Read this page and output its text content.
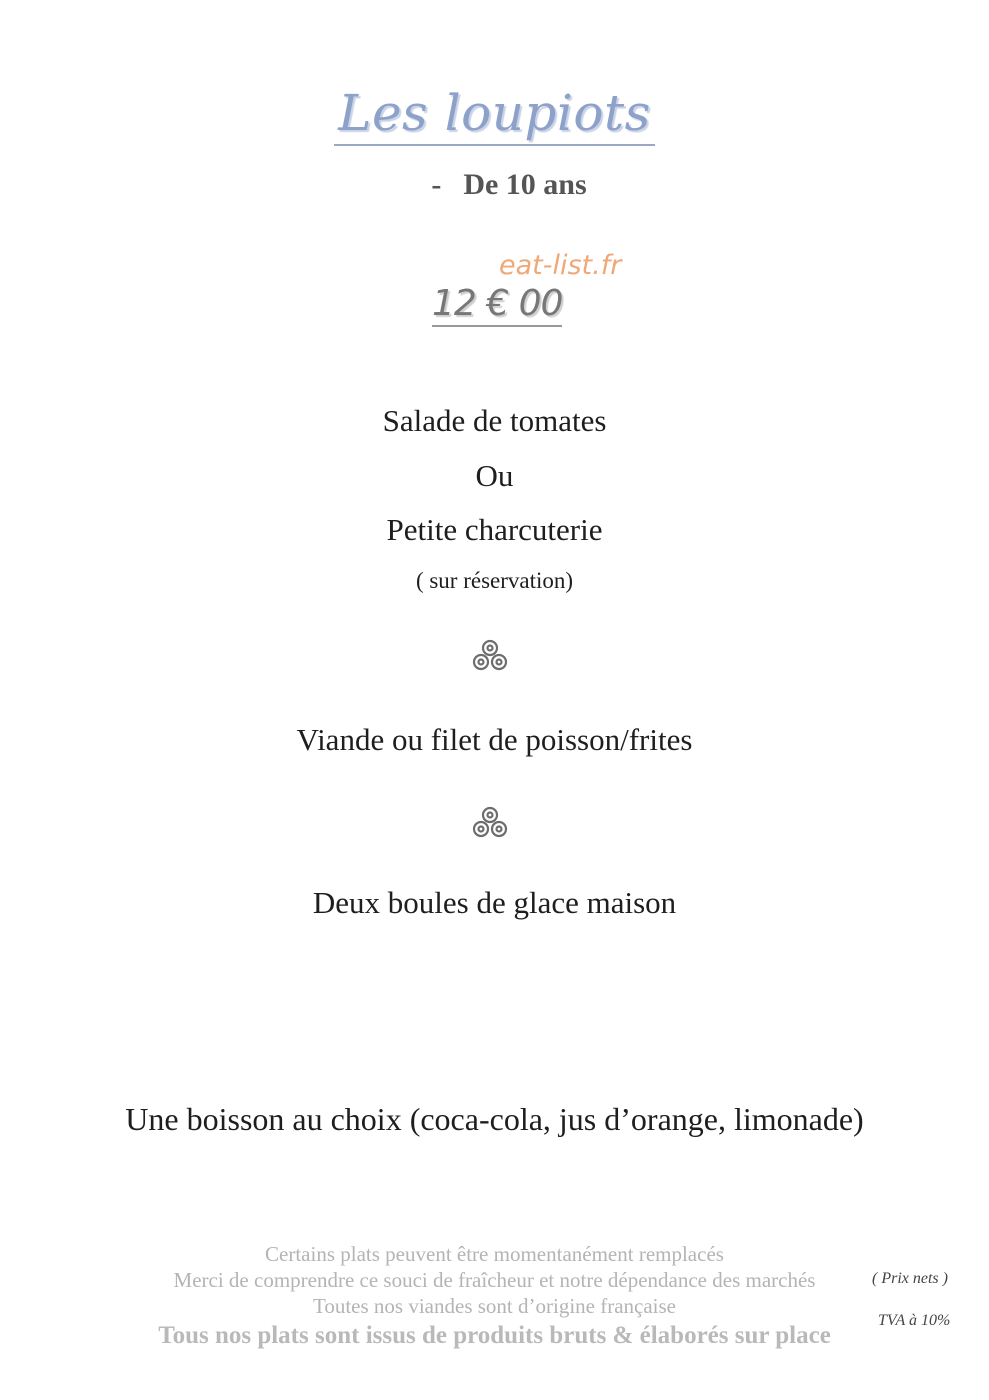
Les loupiots
- De 10 ans
eat-list.fr
12 € 00
Salade de tomates
Ou
Petite charcuterie
( sur réservation)
Viande ou filet de poisson/frites
Deux boules de glace maison
Une boisson au choix (coca-cola, jus d’orange, limonade)
Certains plats peuvent être momentanément remplacés
Merci de comprendre ce souci de fraîcheur et notre dépendance des marchés
Toutes nos viandes sont d’origine française
Tous nos plats sont issus de produits bruts & élaborés sur place
( Prix nets )
TVA à 10%
